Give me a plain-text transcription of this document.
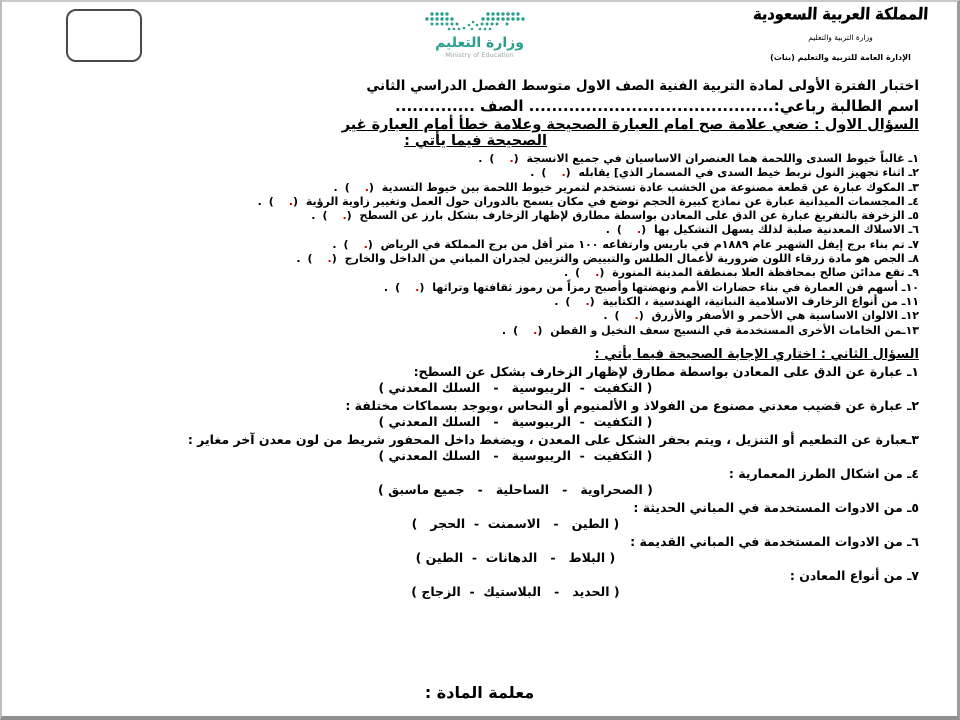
وزارة التعليم
Ministry of Education
المملكة العربية السعودية
وزارة التربية والتعليم
الإدارة العامة للتربية والتعليم (بنات)
اختبار الفترة الأولى لمادة التربية الفنية الصف الاول متوسط الفصل الدراسي الثاني
اسم الطالبة رباعي:........................................... الصف ..............
السؤال الاول : ضعي علامة صح امام العبارة الصحيحة وعلامة خطأ أمام العبارة غير
الصحيحة فيما يأتي :
١ـ غالباً خيوط السدى واللحمة هما العنصران الاساسيان في جميع الانسجة (.).
٢ـ اثناء تجهيز النول نربط خيط السدى في المسمار الذي] يقابله (.).
٣ـ المكوك عبارة عن قطعة مصنوعة من الخشب عادة تستخدم لتمرير خيوط اللحمة بين خيوط التسدية (.).
٤ـ المجسمات الميدانية عبارة عن نماذج كبيرة الحجم توضع في مكان يسمح بالدوران حول العمل وتغيير زاوية الرؤية (.).
٥ـ الزخرفة بالتفريغ عبارة عن الدق على المعادن بواسطة مطارق لإظهار الزخارف بشكل بارز عن السطح (.).
٦ـ الاسلاك المعدنية صلبة لذلك يسهل التشكيل بها (.).
٧ـ تم بناء برج إيفل الشهير عام ١٨٨٩م في باريس وارتفاعه ١٠٠ متر أقل من برج المملكة في الرياض (.).
٨ـ الجص هو مادة زرقاء اللون ضرورية لأعمال الطلس والتبييض والتزيين لجدران المباني من الداخل والخارج (.).
٩ـ تقع مدائن صالح بمحافظة العلا بمنطقة المدينة المنورة (.).
١٠ـ أسهم فن العمارة في بناء حضارات الأمم ونهضتها وأصبح رمزاً من رموز ثقافتها وتراثها (.).
١١ـ من أنواع الزخارف الاسلامية النباتية، الهندسية ، الكتابية (.).
١٢ـ الالوان الاساسية هي الأحمر و الأصفر والأزرق (.).
١٣ـمن الخامات الأخرى المستخدمة في النسيج سعف النخيل و القطن (.).
السؤال الثاني : اختاري الإجابة الصحيحة فيما يأتي :
١ـ عبارة عن الدق على المعادن بواسطة مطارق لإظهار الزخارف بشكل عن السطح:
( التكفيت  -  الريبوسية   -   السلك المعدني )
٢ـ عبارة عن قضيب معدني مصنوع من الفولاذ و الألمنيوم أو النحاس ،ويوجد بسماكات مختلفة :
( التكفيت  -  الريبوسية   -   السلك المعدني )
٣ـعبارة عن التطعيم أو التنزيل ، ويتم بحفر الشكل على المعدن ، ويضغط داخل المحفور شريط من لون معدن آخر مغاير :
( التكفيت  -  الريبوسية   -   السلك المعدني )
٤ـ من اشكال الطرز المعمارية :
( الصحراوية   -   الساحلية   -   جميع ماسبق )
٥ـ من الادوات المستخدمة في المباني الحديثة :
( الطين   -   الاسمنت  -  الحجر   )
٦ـ من الادوات المستخدمة في المباني القديمة :
( البلاط   -   الدهانات  -  الطين )
٧ـ من أنواع المعادن :
( الحديد   -   البلاستيك  -  الزجاج )
معلمة المادة :
